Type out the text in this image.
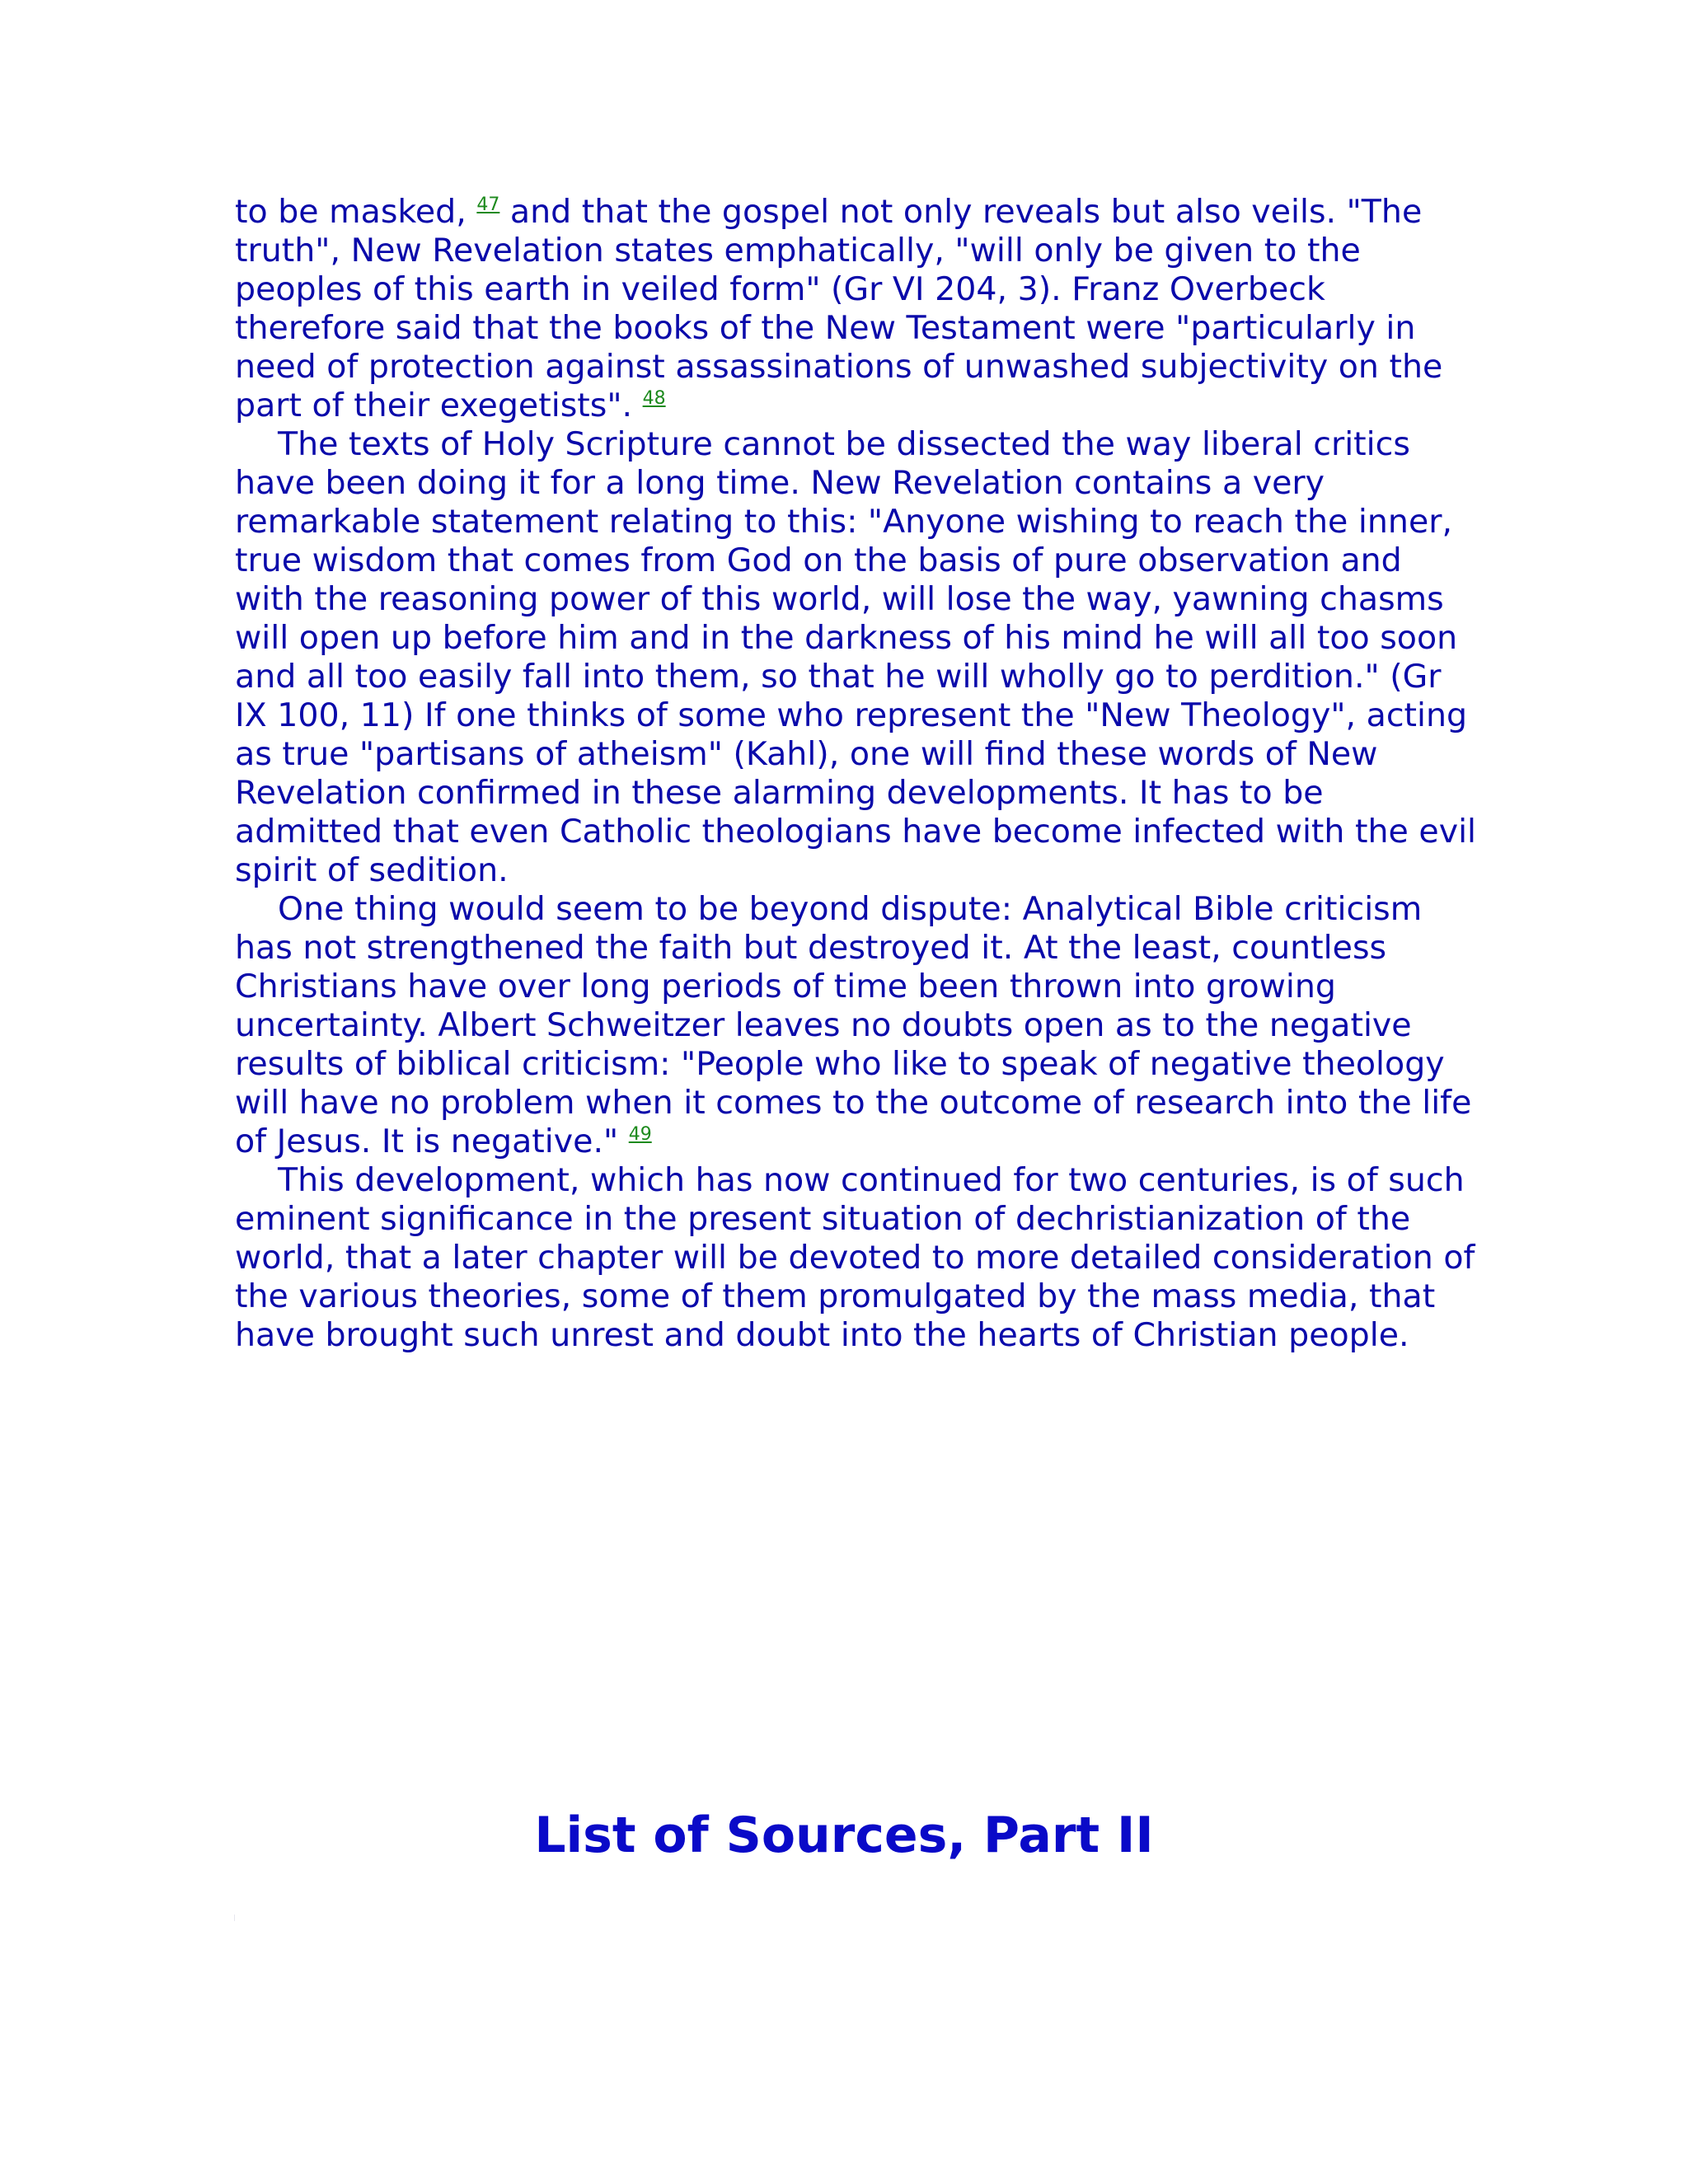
to be masked, $^{47}$ and that the gospel not only reveals but also veils. "The truth", New Revelation states emphatically, "will only be given to the peoples of this earth in veiled form" (Gr VI 204, 3). Franz Overbeck therefore said that the books of the New Testament were "particularly in need of protection against assassinations of unwashed subjectivity on the part of their exegetists". $^{48}$

The texts of Holy Scripture cannot be dissected the way liberal critics have been doing it for a long time. New Revelation contains a very remarkable statement relating to this: "Anyone wishing to reach the inner, true wisdom that comes from God on the basis of pure observation and with the reasoning power of this world, will lose the way, yawning chasms will open up before him and in the darkness of his mind he will all too soon and all too easily fall into them, so that he will wholly go to perdition." (Gr IX 100, 11) If one thinks of some who represent the "New Theology", acting as true "partisans of atheism" (Kahl), one will find these words of New Revelation confirmed in these alarming developments. It has to be admitted that even Catholic theologians have become infected with the evil spirit of sedition.

One thing would seem to be beyond dispute: Analytical Bible criticism has not strengthened the faith but destroyed it. At the least, countless Christians have over long periods of time been thrown into growing uncertainty. Albert Schweitzer leaves no doubts open as to the negative results of biblical criticism: "People who like to speak of negative theology will have no problem when it comes to the outcome of research into the life of Jesus. It is negative." $^{49}$

This development, which has now continued for two centuries, is of such eminent significance in the present situation of dechristianization of the world, that a later chapter will be devoted to more detailed consideration of the various theories, some of them promulgated by the mass media, that have brought such unrest and doubt into the hearts of Christian people.

List of Sources, Part II
